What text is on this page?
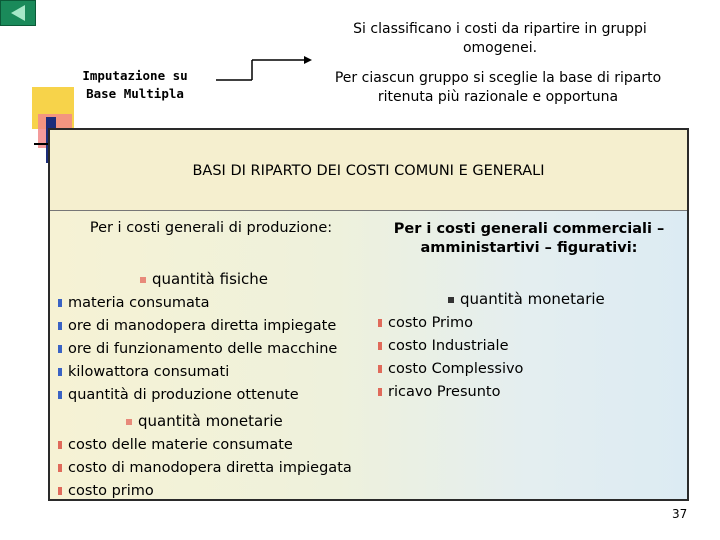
Si classificano i costi da ripartire in gruppi omogenei.
Imputazione su
Base Multipla
Per ciascun gruppo si sceglie la base di riparto ritenuta più razionale e opportuna
BASI DI RIPARTO DEI COSTI COMUNI E GENERALI
Per i costi generali di produzione:	Per i costi generali commerciali –
amministartivi – figurativi:
quantità fisiche
materia consumata
ore di manodopera diretta impiegate
ore di funzionamento delle macchine
kilowattora consumati
quantità di produzione ottenute
quantità monetarie
costo delle materie consumate
costo di manodopera diretta impiegata
costo primo
quantità monetarie
costo Primo
costo Industriale
costo Complessivo
ricavo Presunto
37
